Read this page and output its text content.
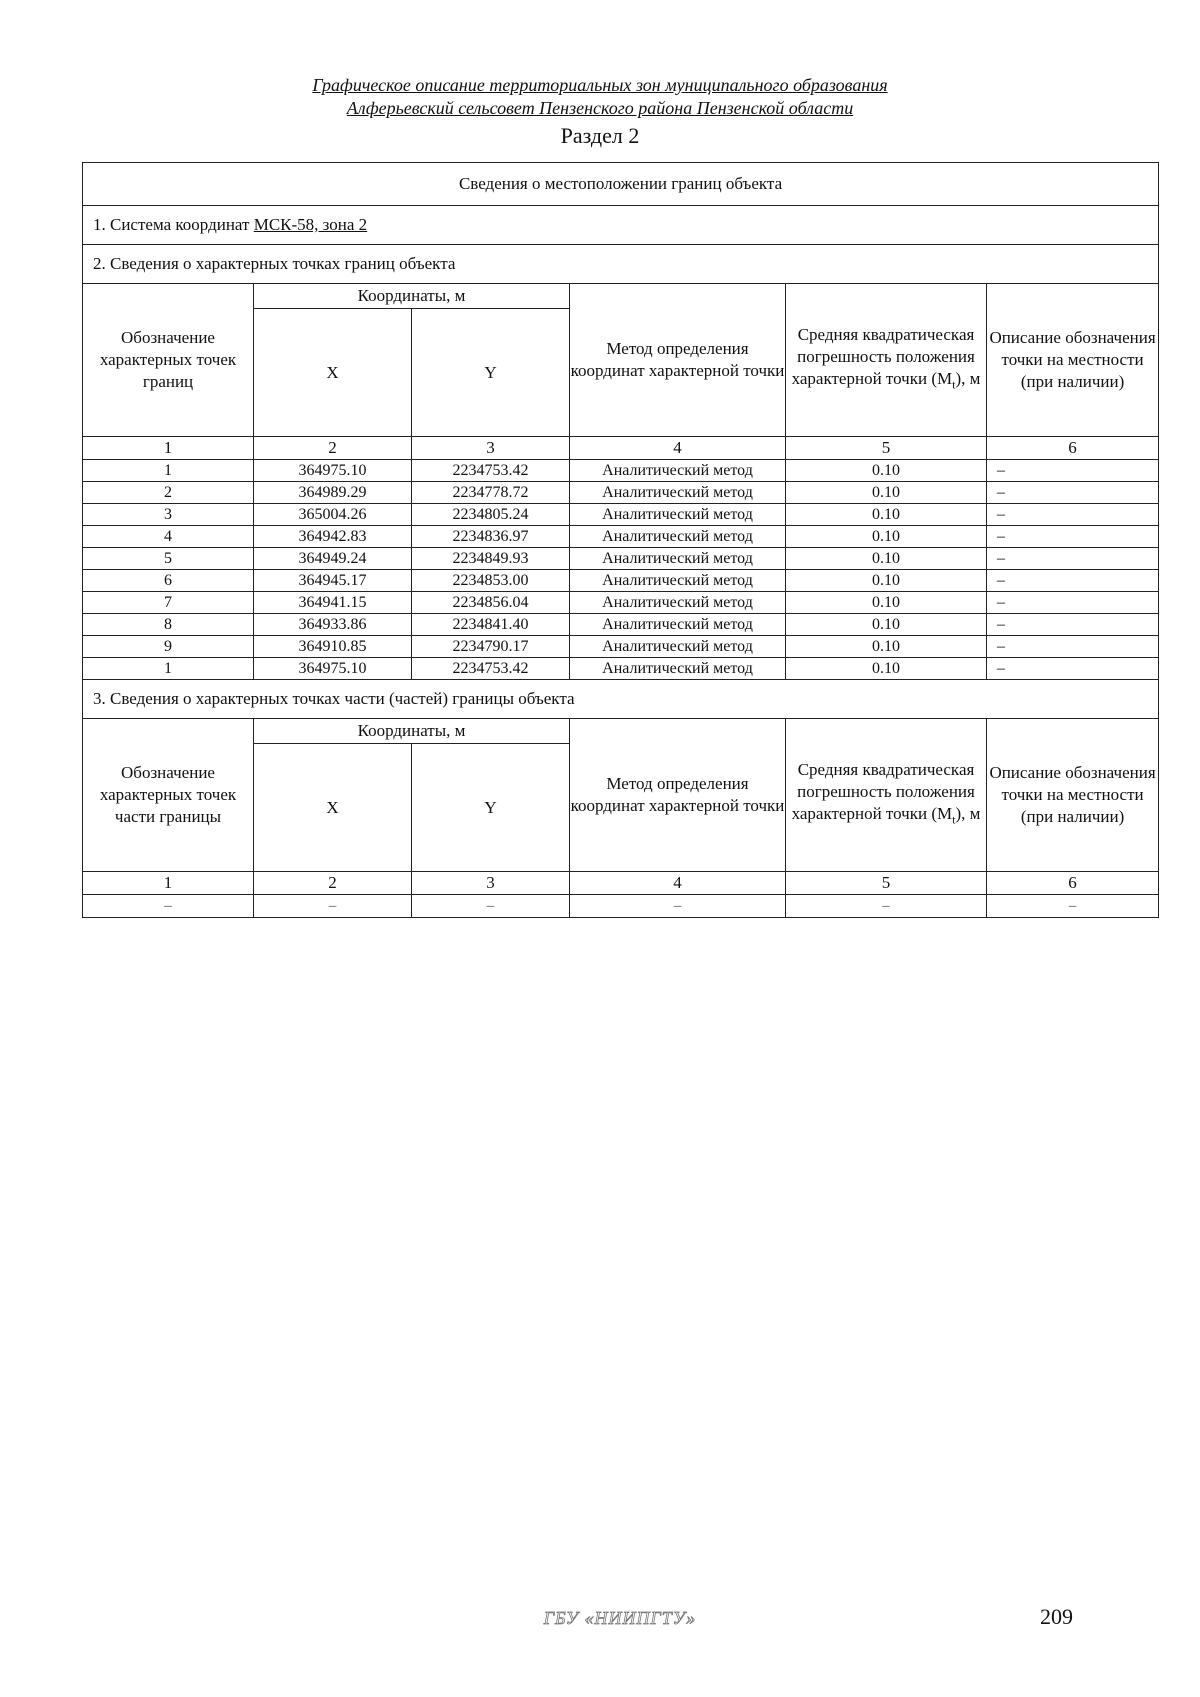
Графическое описание территориальных зон муниципального образования
Алферьевский сельсовет Пензенского района Пензенской области
Раздел 2
Сведения о местоположении границ объекта					
1. Система координат МСК-58, зона 2					
2. Сведения о характерных точках границ объекта					
Обозначение характерных точек границ	Координаты, м		Метод определения координат характерной точки	Средняя квадратическая погрешность положения характерной точки $(M_t)$, м	Описание обозначения точки на местности (при наличии)
	X	Y			
1	2	3	4	5	6
1	364975.10	2234753.42	Аналитический метод	0.10	–
2	364989.29	2234778.72	Аналитический метод	0.10	–
3	365004.26	2234805.24	Аналитический метод	0.10	–
4	364942.83	2234836.97	Аналитический метод	0.10	–
5	364949.24	2234849.93	Аналитический метод	0.10	–
6	364945.17	2234853.00	Аналитический метод	0.10	–
7	364941.15	2234856.04	Аналитический метод	0.10	–
8	364933.86	2234841.40	Аналитический метод	0.10	–
9	364910.85	2234790.17	Аналитический метод	0.10	–
1	364975.10	2234753.42	Аналитический метод	0.10	–
3. Сведения о характерных точках части (частей) границы объекта					
Обозначение характерных точек части границы	Координаты, м		Метод определения координат характерной точки	Средняя квадратическая погрешность положения характерной точки $(M_t)$, м	Описание обозначения точки на местности (при наличии)
	X	Y			
1	2	3	4	5	6
–	–	–	–	–	–
ГБУ «НИИПГТУ»	209
